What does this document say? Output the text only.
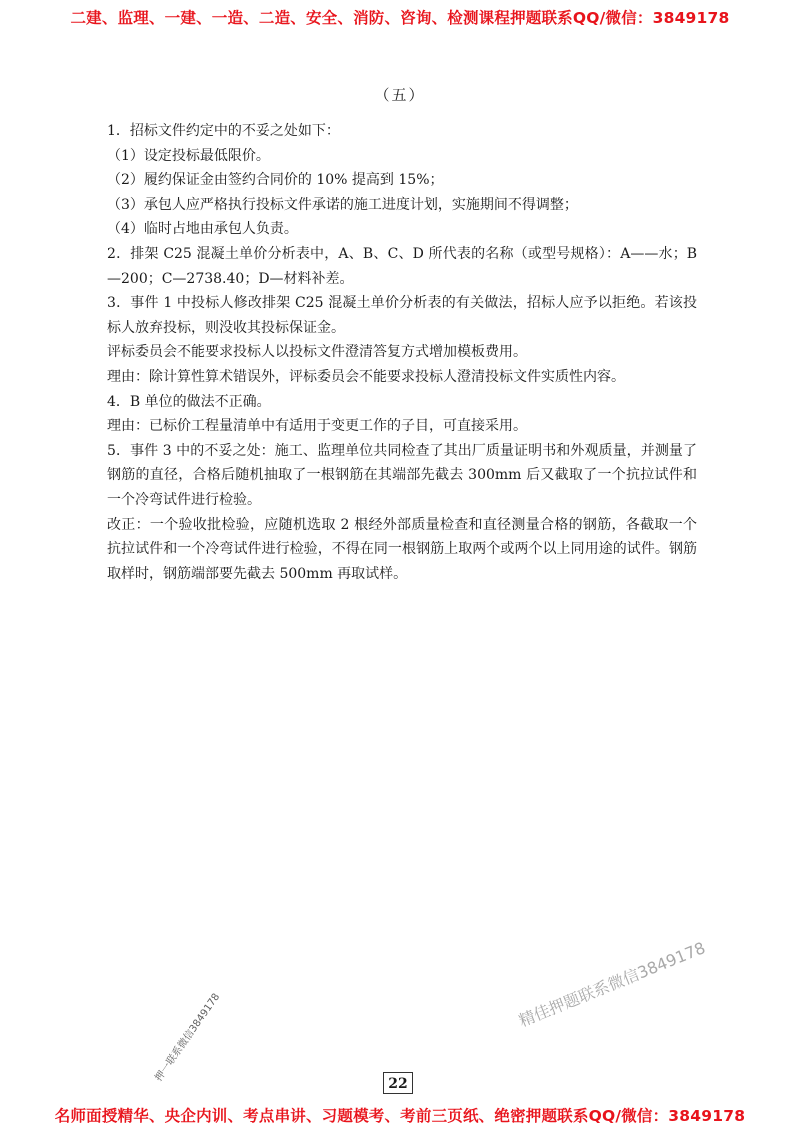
二建、监理、一建、一造、二造、安全、消防、咨询、检测课程押题联系QQ/微信：3849178
（五）

1．招标文件约定中的不妥之处如下：

（1）设定投标最低限价。

（2）履约保证金由签约合同价的 10% 提高到 15%；

（3）承包人应严格执行投标文件承诺的施工进度计划，实施期间不得调整；

（4）临时占地由承包人负责。

2．排架 C25 混凝土单价分析表中，A、B、C、D 所代表的名称（或型号规格）：A——水；B—200；C—2738.40；D—材料补差。

3．事件 1 中投标人修改排架 C25 混凝土单价分析表的有关做法，招标人应予以拒绝。若该投标人放弃投标，则没收其投标保证金。

评标委员会不能要求投标人以投标文件澄清答复方式增加模板费用。

理由：除计算性算术错误外，评标委员会不能要求投标人澄清投标文件实质性内容。

4．B 单位的做法不正确。

理由：已标价工程量清单中有适用于变更工作的子目，可直接采用。

5．事件 3 中的不妥之处：施工、监理单位共同检查了其出厂质量证明书和外观质量，并测量了钢筋的直径，合格后随机抽取了一根钢筋在其端部先截去 300mm 后又截取了一个抗拉试件和一个冷弯试件进行检验。

改正：一个验收批检验，应随机选取 2 根经外部质量检查和直径测量合格的钢筋，各截取一个抗拉试件和一个冷弯试件进行检验，不得在同一根钢筋上取两个或两个以上同用途的试件。钢筋取样时，钢筋端部要先截去 500mm 再取试样。

押一联系微信3849178
精佳押题联系微信3849178
22
名师面授精华、央企内训、考点串讲、习题模考、考前三页纸、绝密押题联系QQ/微信：3849178
